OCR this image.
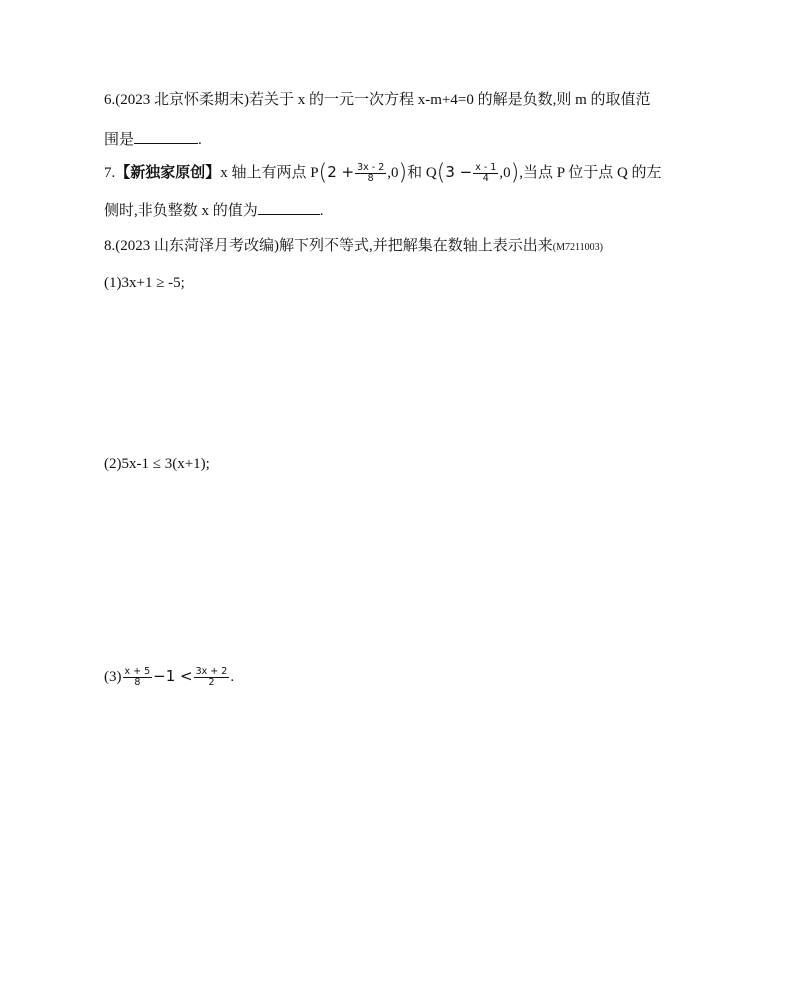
6.(2023 北京怀柔期末)若关于 x 的一元一次方程 x-m+4=0 的解是负数,则 m 的取值范
围是	.
7.【新独家原创】x 轴上有两点 $P(2 + \frac{3x - 2}{8} ,0)$和 $Q(3 - \frac{x - 1}{4} ,0)$,当点 P 位于点 Q 的左
侧时,非负整数 x 的值为	.
8.(2023 山东菏泽月考改编)解下列不等式,并把解集在数轴上表示出来(M7211003)
(1)3x+1 ≥ -5;
(2)5x-1 ≤ 3(x+1);
$(3) \frac{x + 5}{8} -1 < \frac{3x + 2}{2}$ .
